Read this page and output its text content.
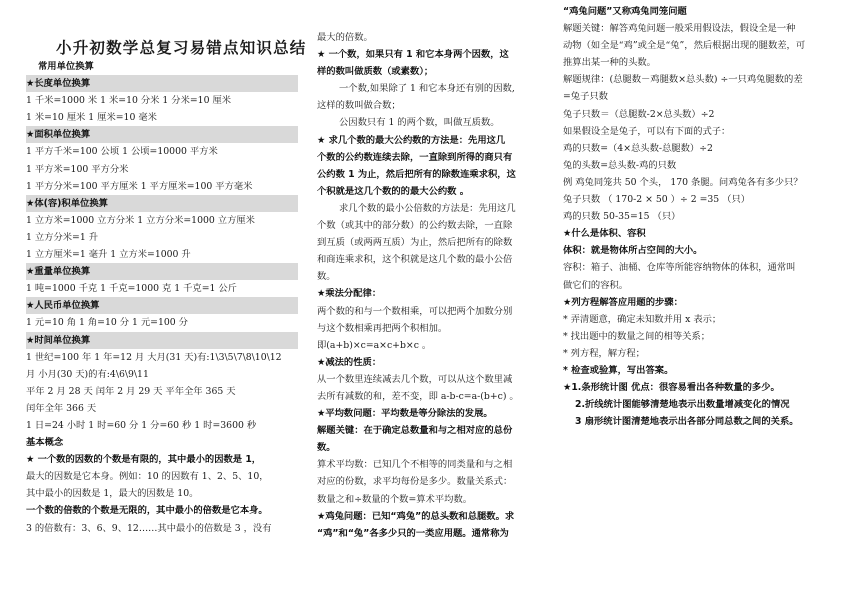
小升初数学总复习易错点知识总结
常用单位换算
★长度单位换算
1 千米=1000 米 1 米=10 分米 1 分米=10 厘米
1 米=10 厘米 1 厘米=10 毫米
★面积单位换算
1 平方千米=100 公顷 1 公顷=10000 平方米
1 平方米=100 平方分米
1 平方分米=100 平方厘米 1 平方厘米=100 平方毫米
★体(容)积单位换算
1 立方米=1000 立方分米 1 立方分米=1000 立方厘米
1 立方分米=1 升
1 立方厘米=1 毫升 1 立方米=1000 升
★重量单位换算
1 吨=1000 千克 1 千克=1000 克 1 千克=1 公斤
★人民币单位换算
1 元=10 角 1 角=10 分 1 元=100 分
★时间单位换算
1 世纪=100 年 1 年=12 月 大月(31 天)有:1\3\5\7\8\10\12
月 小月(30 天)的有:4\6\9\11
平年 2 月 28 天 闰年 2 月 29 天 平年全年 365 天
闰年全年 366 天
1 日=24 小时 1 时=60 分 1 分=60 秒 1 时=3600 秒
基本概念
★ 一个数的因数的个数是有限的，其中最小的因数是 1，
最大的因数是它本身。例如：10 的因数有 1、2、5、10，
其中最小的因数是 1，最大的因数是 10。
一个数的倍数的个数是无限的，其中最小的倍数是它本身。
3 的倍数有：3、6、9、12……其中最小的倍数是 3 ，没有
最大的倍数。
★ 一个数，如果只有 1 和它本身两个因数，这
样的数叫做质数（或素数）；
一个数,如果除了 1 和它本身还有别的因数,
这样的数叫做合数；
公因数只有 1 的两个数，叫做互质数。
★ 求几个数的最大公约数的方法是：先用这几
个数的公约数连续去除，一直除到所得的商只有
公约数 1 为止，然后把所有的除数连乘求积，这
个积就是这几个数的的最大公约数 。
求几个数的最小公倍数的方法是：先用这几
个数（或其中的部分数）的公约数去除，一直除
到互质（或两两互质）为止，然后把所有的除数
和商连乘求积，这个积就是这几个数的最小公倍
数。
★乘法分配律：
两个数的和与一个数相乘，可以把两个加数分别
与这个数相乘再把两个积相加。
即(a+b)×c=a×c+b×c 。
★减法的性质：
从一个数里连续减去几个数，可以从这个数里减
去所有减数的和，差不变，即 a-b-c=a-(b+c) 。
★平均数问题：平均数是等分除法的发展。
解题关键：在于确定总数量和与之相对应的总份
数。
算术平均数：已知几个不相等的同类量和与之相
对应的份数，求平均每份是多少。数量关系式：
数量之和÷数量的个数=算术平均数。
★鸡兔问题：已知“鸡兔”的总头数和总腿数。求
“鸡”和“兔”各多少只的一类应用题。通常称为
“鸡兔问题”又称鸡兔同笼问题
解题关键：解答鸡兔问题一般采用假设法，假设全是一种
动物（如全是“鸡”或全是“兔”，然后根据出现的腿数差，可
推算出某一种的头数。
解题规律：(总腿数－鸡腿数×总头数) ÷一只鸡兔腿数的差
=兔子只数
兔子只数＝（总腿数-2×总头数）÷2
如果假设全是兔子，可以有下面的式子：
鸡的只数=（4×总头数-总腿数）÷2
兔的头数=总头数-鸡的只数
例 鸡兔同笼共 50 个头， 170 条腿。问鸡兔各有多少只？
兔子只数 （ 170-2 × 50 ）÷ 2 =35 （只）
鸡的只数 50-35=15 （只）
★什么是体积、容积
体积：就是物体所占空间的大小。
容积：箱子、油桶、仓库等所能容纳物体的体积，通常叫
做它们的容积。
★列方程解答应用题的步骤：
* 弄清题意，确定未知数并用 x 表示；
* 找出题中的数量之间的相等关系；
* 列方程，解方程；
* 检查或验算，写出答案。
★1.条形统计图 优点：很容易看出各种数量的多少。
2.折线统计图能够清楚地表示出数量增减变化的情况
3 扇形统计图清楚地表示出各部分同总数之间的关系。
